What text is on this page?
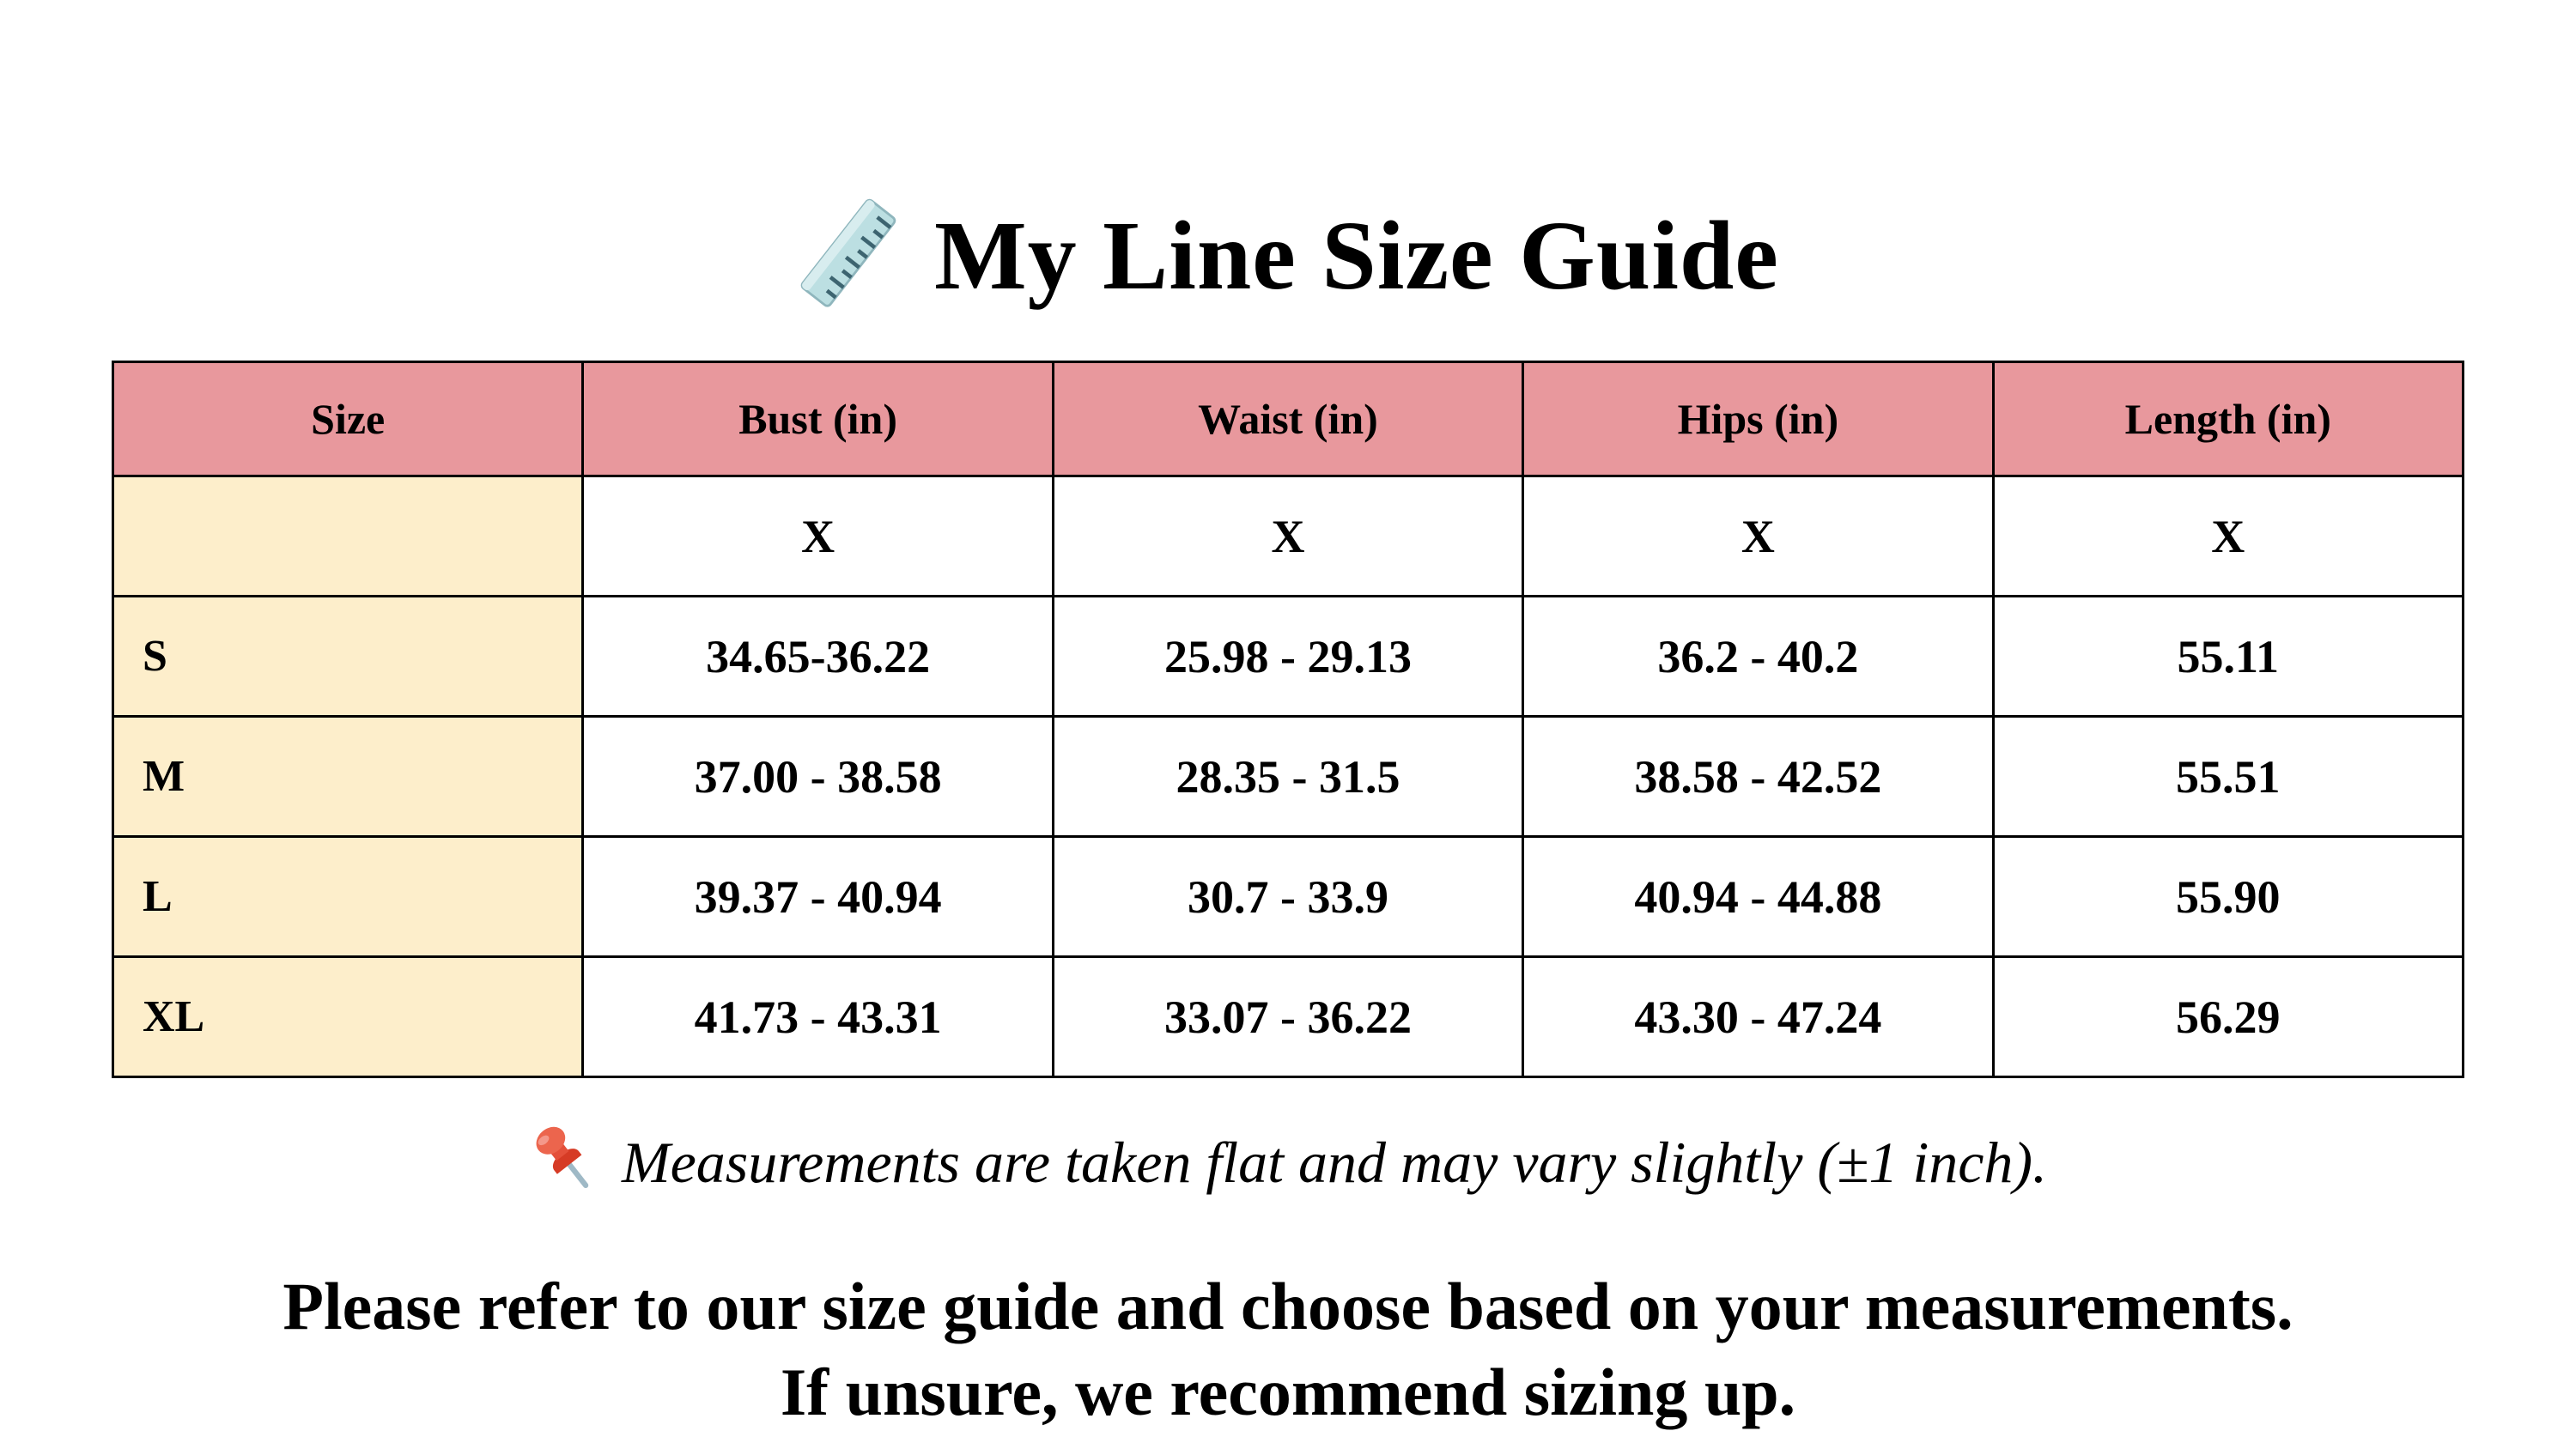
My Line Size Guide
Size	Bust (in)	Waist (in)	Hips (in)	Length (in)
	X	X	X	X
S	34.65-36.22	25.98 - 29.13	36.2 - 40.2	55.11
M	37.00 - 38.58	28.35 - 31.5	38.58 - 42.52	55.51
L	39.37 - 40.94	30.7 - 33.9	40.94 - 44.88	55.90
XL	41.73 - 43.31	33.07 - 36.22	43.30 - 47.24	56.29
Measurements are taken flat and may vary slightly (±1 inch).
Please refer to our size guide and choose based on your measurements.
If unsure, we recommend sizing up.
